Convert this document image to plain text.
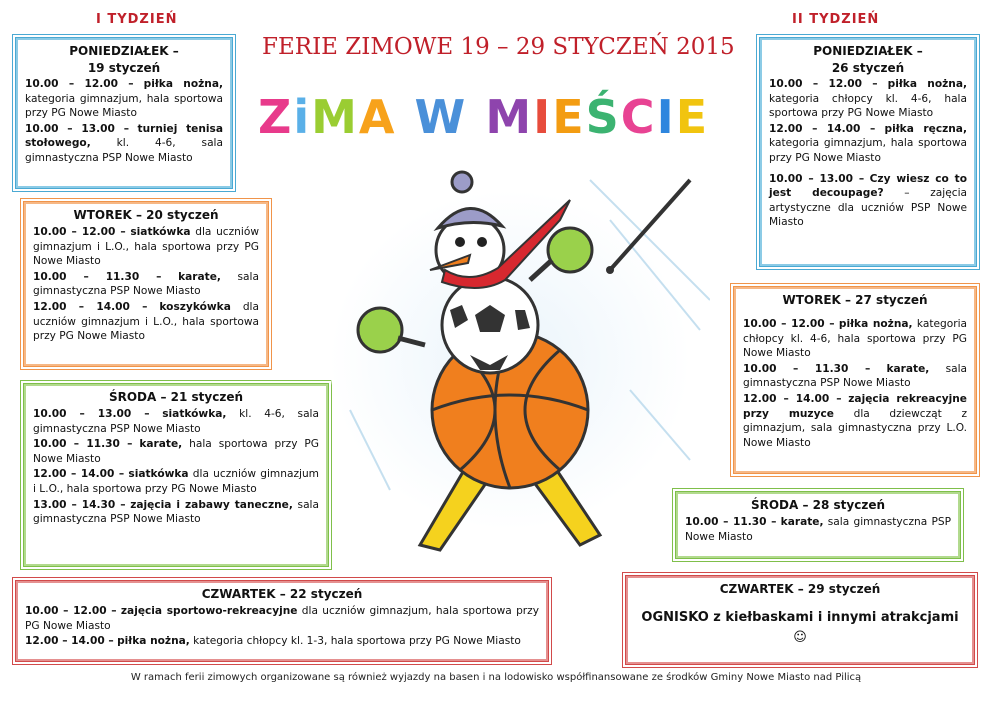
I TYDZIEŃ	II TYDZIEŃ
FERIE ZIMOWE 19 – 29 STYCZEŃ 2015
ZiMA W MIEŚCIE
PONIEDZIAŁEK –
19 styczeń

10.00 – 12.00 – piłka nożna, kategoria gimnazjum, hala sportowa przy PG Nowe Miasto

10.00 – 13.00 – turniej tenisa stołowego, kl. 4-6, sala gimnastyczna PSP Nowe Miasto

WTOREK – 20 styczeń

10.00 – 12.00 – siatkówka dla uczniów gimnazjum i L.O., hala sportowa przy PG Nowe Miasto

10.00 – 11.30 – karate, sala gimnastyczna PSP Nowe Miasto

12.00 – 14.00 – koszykówka dla uczniów gimnazjum i L.O., hala sportowa przy PG Nowe Miasto

ŚRODA – 21 styczeń

10.00 – 13.00 – siatkówka, kl. 4-6, sala gimnastyczna PSP Nowe Miasto

10.00 – 11.30 – karate, hala sportowa przy PG Nowe Miasto

12.00 – 14.00 – siatkówka dla uczniów gimnazjum i L.O., hala sportowa przy PG Nowe Miasto

13.00 – 14.30 – zajęcia i zabawy taneczne, sala gimnastyczna PSP Nowe Miasto

CZWARTEK – 22 styczeń

10.00 – 12.00 – zajęcia sportowo-rekreacyjne dla uczniów gimnazjum, hala sportowa przy PG Nowe Miasto

12.00 – 14.00 – piłka nożna, kategoria chłopcy kl. 1-3, hala sportowa przy PG Nowe Miasto

PONIEDZIAŁEK –
26 styczeń

10.00 – 12.00 – piłka nożna, kategoria chłopcy kl. 4-6, hala sportowa przy PG Nowe Miasto

12.00 – 14.00 – piłka ręczna, kategoria gimnazjum, hala sportowa przy PG Nowe Miasto

10.00 – 13.00 – Czy wiesz co to jest decoupage? – zajęcia artystyczne dla uczniów PSP Nowe Miasto

WTOREK – 27 styczeń

10.00 – 12.00 – piłka nożna, kategoria chłopcy kl. 4-6, hala sportowa przy PG Nowe Miasto

10.00 – 11.30 – karate, sala gimnastyczna PSP Nowe Miasto

12.00 – 14.00 – zajęcia rekreacyjne przy muzyce dla dziewcząt z gimnazjum, sala gimnastyczna przy L.O. Nowe Miasto

ŚRODA – 28 styczeń

10.00 – 11.30 – karate, sala gimnastyczna PSP Nowe Miasto

CZWARTEK – 29 styczeń
OGNISKO z kiełbaskami i innymi atrakcjami ☺
W ramach ferii zimowych organizowane są również wyjazdy na basen i na lodowisko współfinansowane ze środków Gminy Nowe Miasto nad Pilicą
